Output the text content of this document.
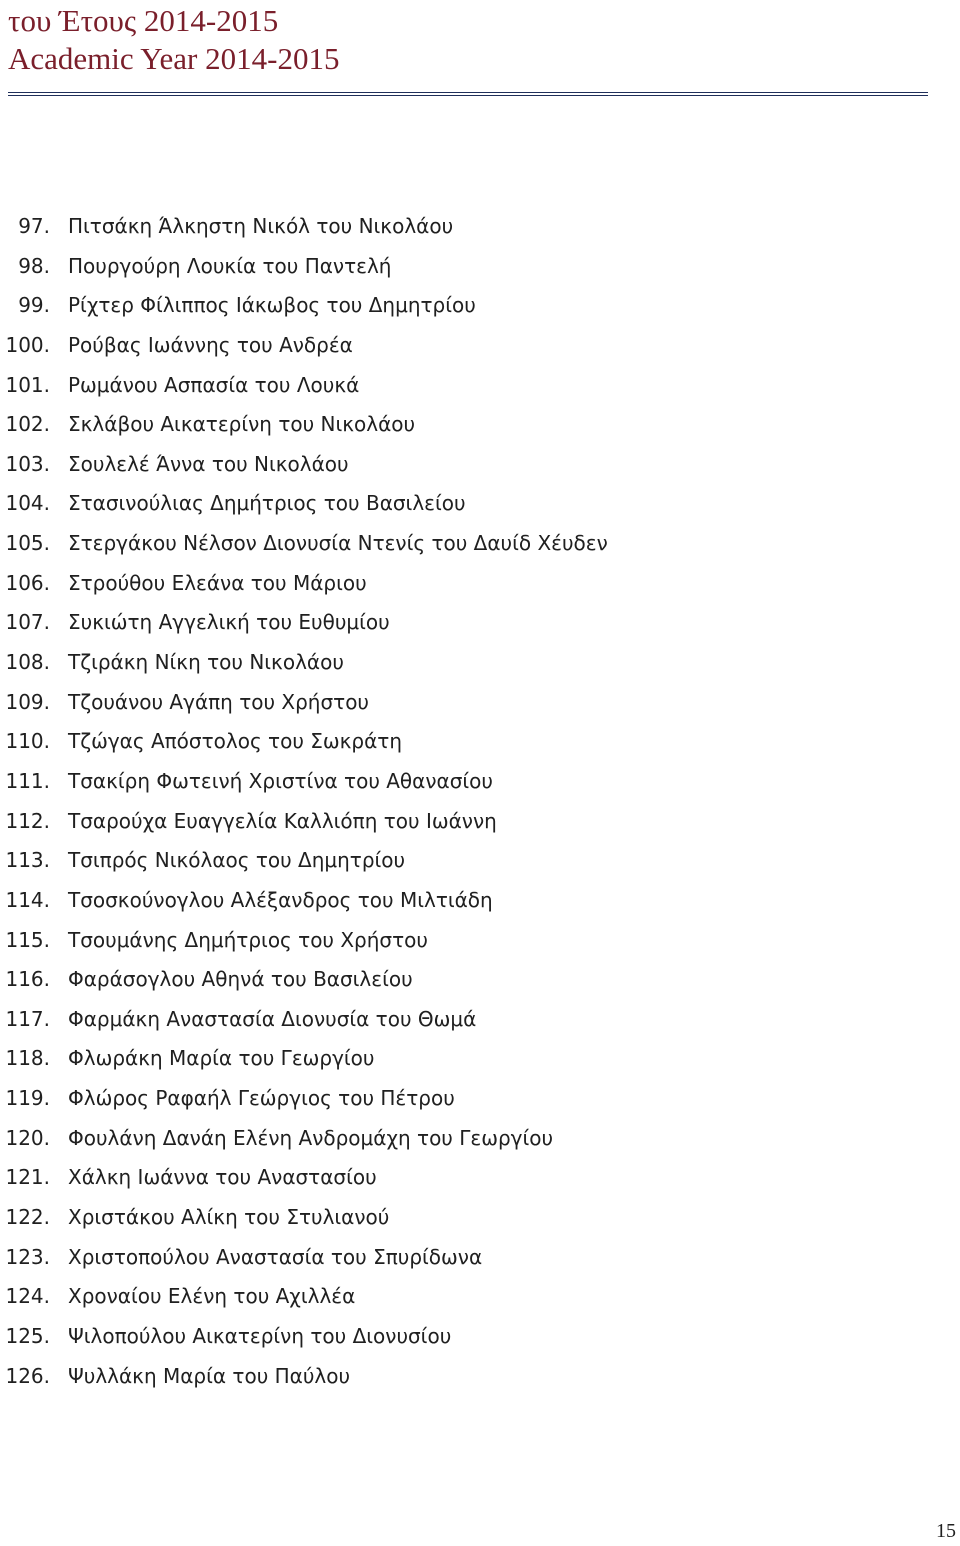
του Έτους 2014-2015
Academic Year 2014-2015
97. Πιτσάκη Άλκηστη Νικόλ του Νικολάου
98. Πουργούρη Λουκία του Παντελή
99. Ρίχτερ Φίλιππος Ιάκωβος του Δημητρίου
100. Ρούβας Ιωάννης του Ανδρέα
101. Ρωμάνου Ασπασία του Λουκά
102. Σκλάβου Αικατερίνη του Νικολάου
103. Σουλελέ Άννα του Νικολάου
104. Στασινούλιας Δημήτριος του Βασιλείου
105. Στεργάκου Νέλσον Διονυσία Ντενίς του Δαυίδ Χέυδεν
106. Στρούθου Ελεάνα του Μάριου
107. Συκιώτη Αγγελική του Ευθυμίου
108. Τζιράκη Νίκη του Νικολάου
109. Τζουάνου Αγάπη του Χρήστου
110. Τζώγας Απόστολος του Σωκράτη
111. Τσακίρη Φωτεινή Χριστίνα του Αθανασίου
112. Τσαρούχα Ευαγγελία Καλλιόπη του Ιωάννη
113. Τσιπρός Νικόλαος του Δημητρίου
114. Τσοσκούνογλου Αλέξανδρος του Μιλτιάδη
115. Τσουμάνης Δημήτριος του Χρήστου
116. Φαράσογλου Αθηνά του Βασιλείου
117. Φαρμάκη Αναστασία Διονυσία του Θωμά
118. Φλωράκη Μαρία του Γεωργίου
119. Φλώρος Ραφαήλ Γεώργιος του Πέτρου
120. Φουλάνη Δανάη Ελένη Ανδρομάχη του Γεωργίου
121. Χάλκη Ιωάννα του Αναστασίου
122. Χριστάκου Αλίκη του Στυλιανού
123. Χριστοπούλου Αναστασία του Σπυρίδωνα
124. Χροναίου Ελένη του Αχιλλέα
125. Ψιλοπούλου Αικατερίνη του Διονυσίου
126. Ψυλλάκη Μαρία του Παύλου
15
